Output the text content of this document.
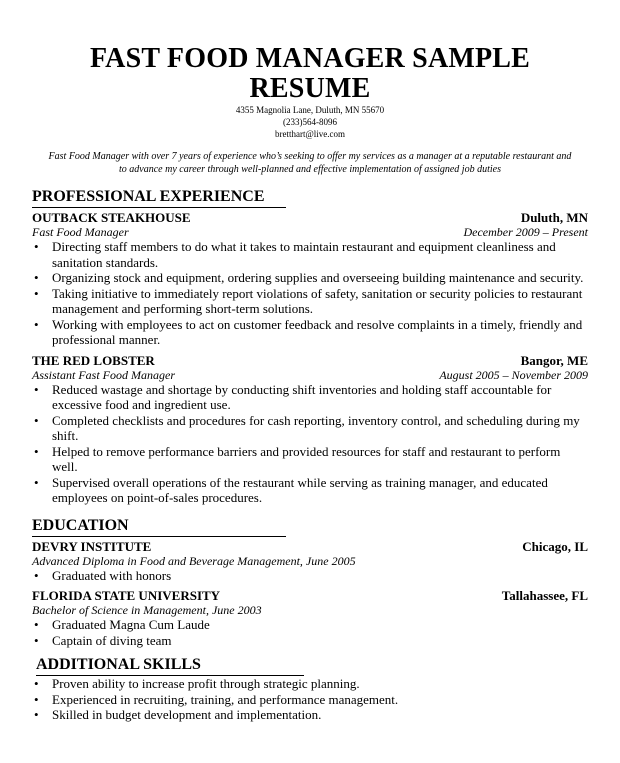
FAST FOOD MANAGER SAMPLE RESUME
4355 Magnolia Lane, Duluth, MN 55670
(233)564-8096
bretthart@live.com
Fast Food Manager with over 7 years of experience who’s seeking to offer my services as a manager at a reputable restaurant and to advance my career through well-planned and effective implementation of assigned job duties
PROFESSIONAL EXPERIENCE
OUTBACK STEAKHOUSE	Duluth, MN
Fast Food Manager	December 2009 – Present
• Directing staff members to do what it takes to maintain restaurant and equipment cleanliness and sanitation standards.
• Organizing stock and equipment, ordering supplies and overseeing building maintenance and security.
• Taking initiative to immediately report violations of safety, sanitation or security policies to restaurant management and performing short-term solutions.
• Working with employees to act on customer feedback and resolve complaints in a timely, friendly and professional manner.
THE RED LOBSTER	Bangor, ME
Assistant Fast Food Manager	August 2005 – November 2009
• Reduced wastage and shortage by conducting shift inventories and holding staff accountable for excessive food and ingredient use.
• Completed checklists and procedures for cash reporting, inventory control, and scheduling during my shift.
• Helped to remove performance barriers and provided resources for staff and restaurant to perform well.
• Supervised overall operations of the restaurant while serving as training manager, and educated employees on point-of-sales procedures.
EDUCATION
DEVRY INSTITUTE	Chicago, IL
Advanced Diploma in Food and Beverage Management, June 2005
• Graduated with honors
FLORIDA STATE UNIVERSITY	Tallahassee, FL
Bachelor of Science in Management, June 2003
• Graduated Magna Cum Laude
• Captain of diving team
ADDITIONAL SKILLS
• Proven ability to increase profit through strategic planning.
• Experienced in recruiting, training, and performance management.
• Skilled in budget development and implementation.
